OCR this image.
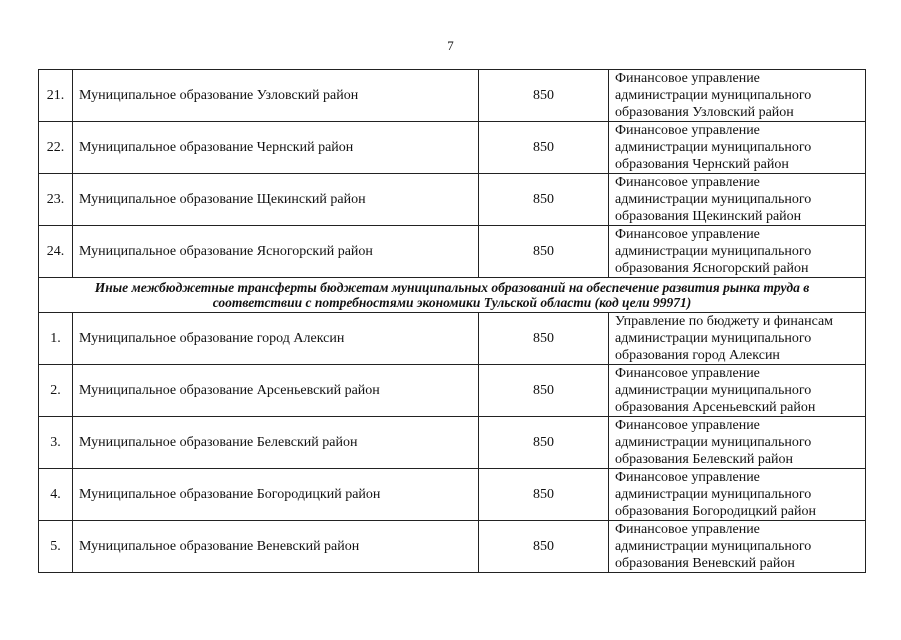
7
21.	Муниципальное образование Узловский район	850	Финансовое управление
администрации муниципального
образования Узловский район

22.	Муниципальное образование Чернский район	850	Финансовое управление
администрации муниципального
образования Чернский район

23.	Муниципальное образование Щекинский район	850	Финансовое управление
администрации муниципального
образования Щекинский район

24.	Муниципальное образование Ясногорский район	850	Финансовое управление
администрации муниципального
образования Ясногорский район

Иные межбюджетные трансферты бюджетам муниципальных образований на обеспечение развития рынка труда в
соответствии с потребностями экономики Тульской области (код цели 99971)			

1.	Муниципальное образование город Алексин	850	Управление по бюджету и финансам
администрации муниципального
образования город Алексин

2.	Муниципальное образование Арсеньевский район	850	Финансовое управление
администрации муниципального
образования Арсеньевский район

3.	Муниципальное образование Белевский район	850	Финансовое управление
администрации муниципального
образования Белевский район

4.	Муниципальное образование Богородицкий район	850	Финансовое управление
администрации муниципального
образования Богородицкий район

5.	Муниципальное образование Веневский район	850	Финансовое управление
администрации муниципального
образования Веневский район
